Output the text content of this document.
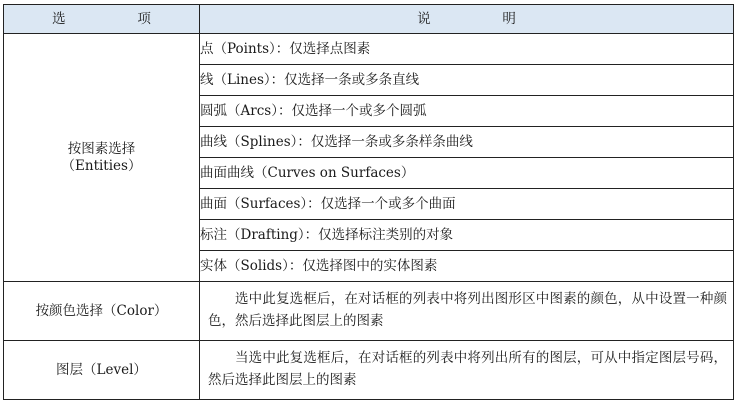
选 项	说 明

按图素选择
（Entities）	点（Points）：仅选择点图素
	线（Lines）：仅选择一条或多条直线
	圆弧（Arcs）：仅选择一个或多个圆弧
	曲线（Splines）：仅选择一条或多条样条曲线
	曲面曲线（Curves on Surfaces）
	曲面（Surfaces）：仅选择一个或多个曲面
	标注（Drafting）：仅选择标注类别的对象
	实体（Solids）：仅选择图中的实体图素
按颜色选择（Color）	选中此复选框后，在对话框的列表中将列出图形区中图素的颜色，从中设置一种颜色，然后选择此图层上的图素
图层（Level）	当选中此复选框后，在对话框的列表中将列出所有的图层，可从中指定图层号码，然后选择此图层上的图素
